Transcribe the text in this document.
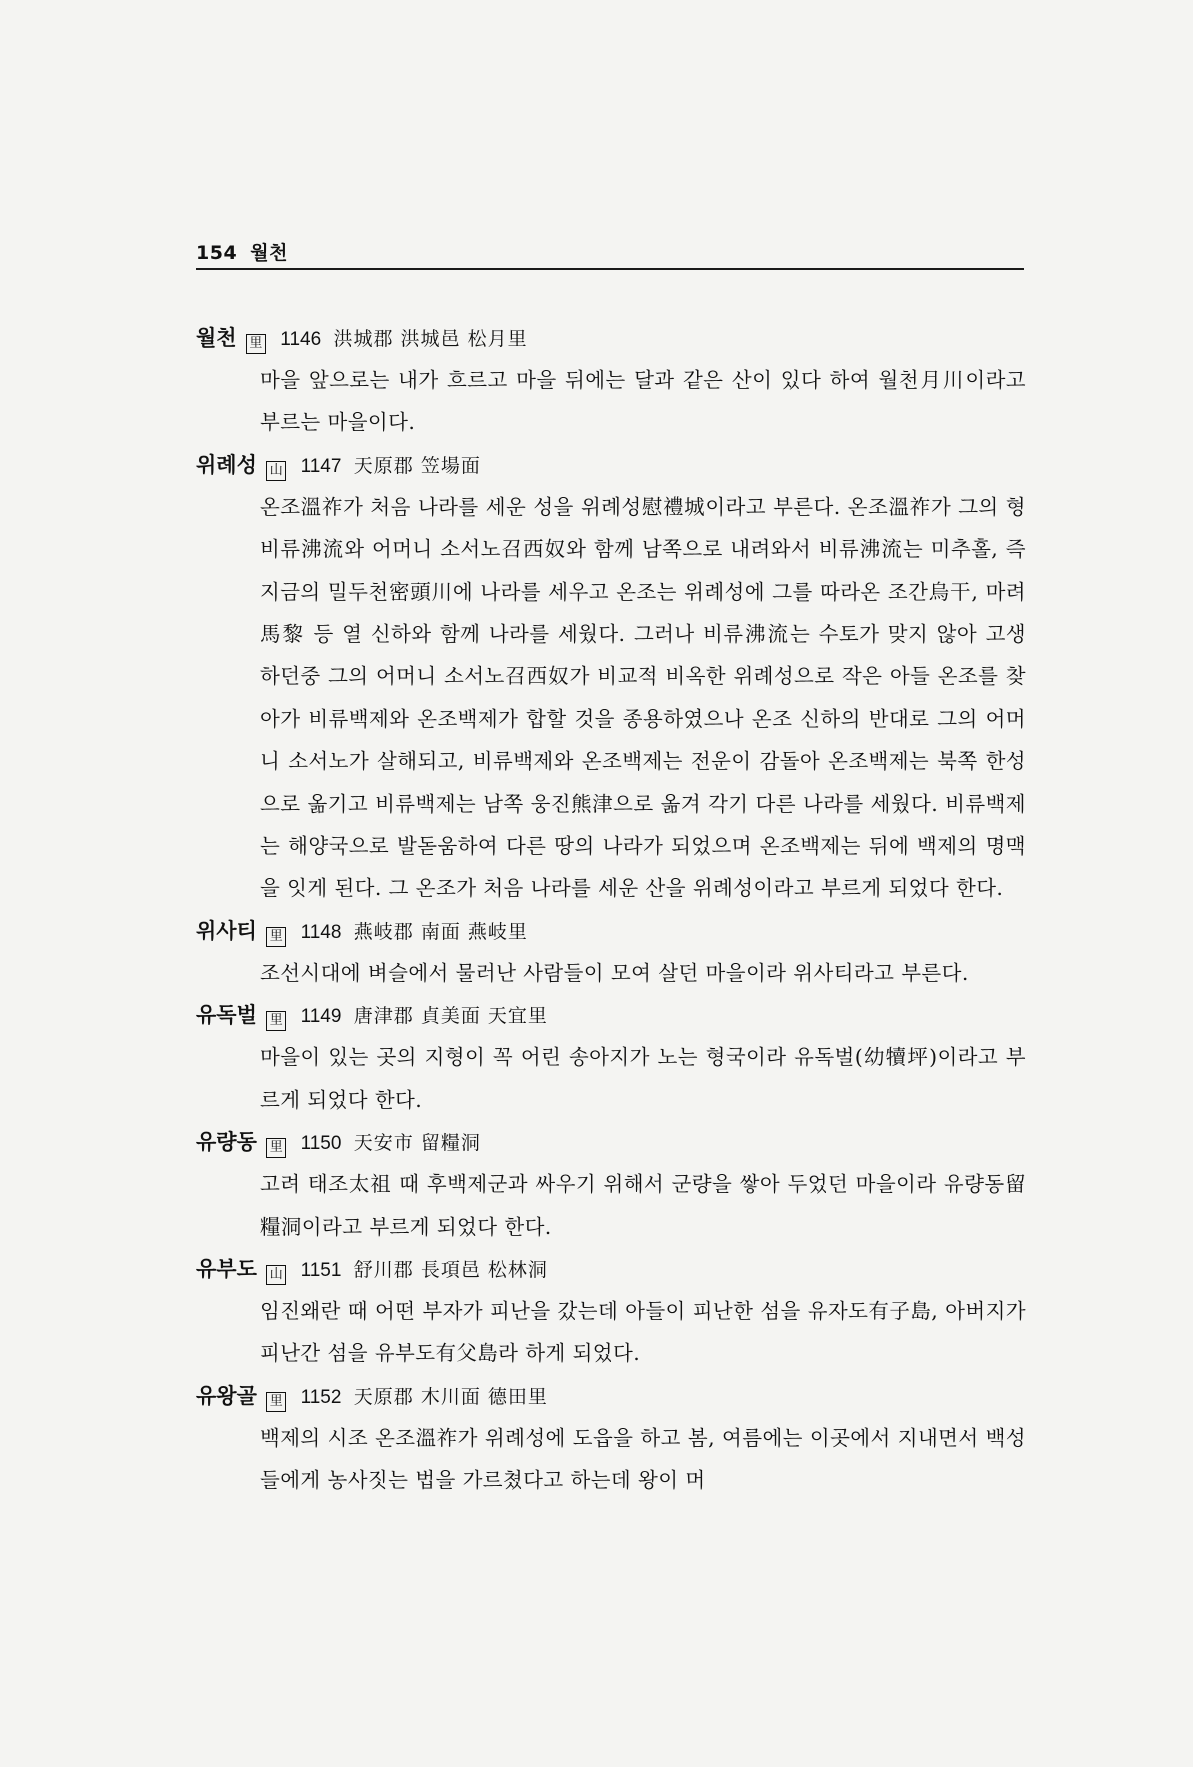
154 월천
월천 里 1146 洪城郡 洪城邑 松月里
마을 앞으로는 내가 흐르고 마을 뒤에는 달과 같은 산이 있다 하여 월천月川이라고 부르는 마을이다.
위례성 山 1147 天原郡 笠場面
온조溫祚가 처음 나라를 세운 성을 위례성慰禮城이라고 부른다. 온조溫祚가 그의 형 비류沸流와 어머니 소서노召西奴와 함께 남쪽으로 내려와서 비류沸流는 미추홀, 즉 지금의 밀두천密頭川에 나라를 세우고 온조는 위례성에 그를 따라온 조간烏干, 마려馬黎 등 열 신하와 함께 나라를 세웠다. 그러나 비류沸流는 수토가 맞지 않아 고생 하던중 그의 어머니 소서노召西奴가 비교적 비옥한 위례성으로 작은 아들 온조를 찾아가 비류백제와 온조백제가 합할 것을 종용하였으나 온조 신하의 반대로 그의 어머니 소서노가 살해되고, 비류백제와 온조백제는 전운이 감돌아 온조백제는 북쪽 한성으로 옮기고 비류백제는 남쪽 웅진熊津으로 옮겨 각기 다른 나라를 세웠다. 비류백제는 해양국으로 발돋움하여 다른 땅의 나라가 되었으며 온조백제는 뒤에 백제의 명맥을 잇게 된다. 그 온조가 처음 나라를 세운 산을 위례성이라고 부르게 되었다 한다.
위사티 里 1148 燕岐郡 南面 燕岐里
조선시대에 벼슬에서 물러난 사람들이 모여 살던 마을이라 위사티라고 부른다.
유독벌 里 1149 唐津郡 貞美面 天宜里
마을이 있는 곳의 지형이 꼭 어린 송아지가 노는 형국이라 유독벌(幼犢坪)이라고 부르게 되었다 한다.
유량동 里 1150 天安市 留糧洞
고려 태조太祖 때 후백제군과 싸우기 위해서 군량을 쌓아 두었던 마을이라 유량동留糧洞이라고 부르게 되었다 한다.
유부도 山 1151 舒川郡 長項邑 松林洞
임진왜란 때 어떤 부자가 피난을 갔는데 아들이 피난한 섬을 유자도有子島, 아버지가 피난간 섬을 유부도有父島라 하게 되었다.
유왕골 里 1152 天原郡 木川面 德田里
백제의 시조 온조溫祚가 위례성에 도읍을 하고 봄, 여름에는 이곳에서 지내면서 백성들에게 농사짓는 법을 가르쳤다고 하는데 왕이 머
